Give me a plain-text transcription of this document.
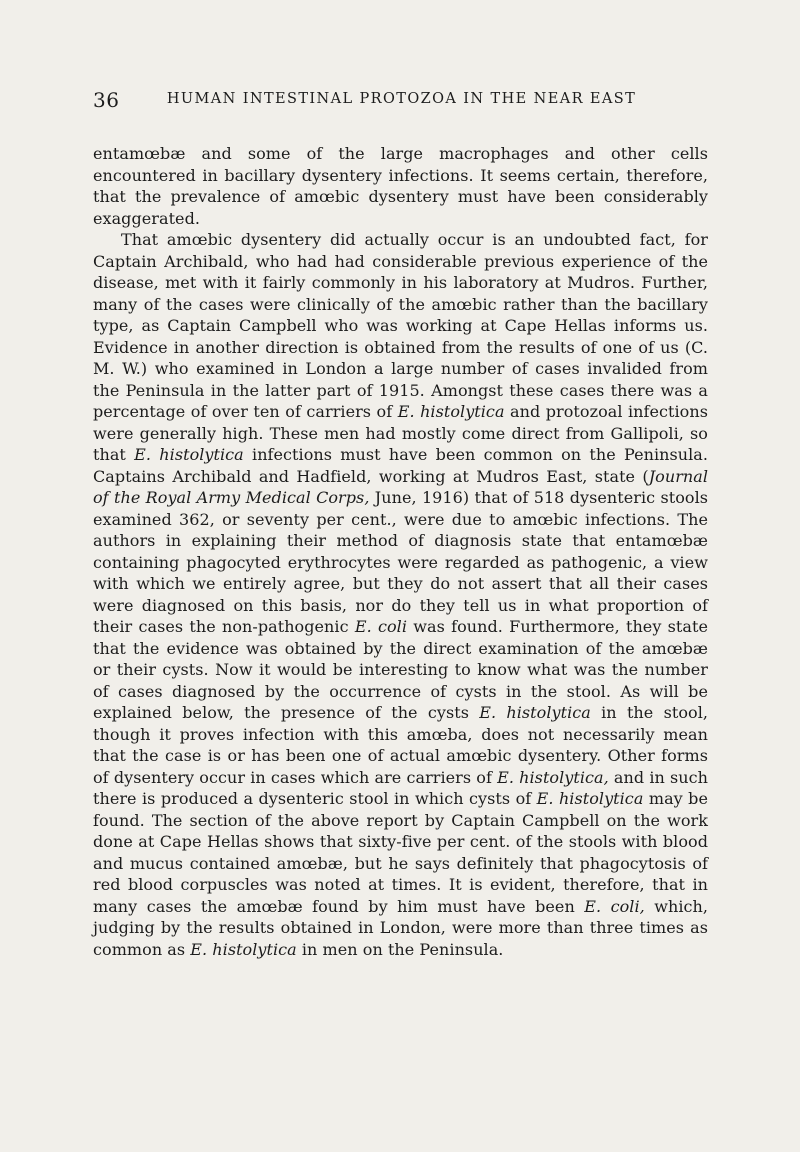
36	HUMAN INTESTINAL PROTOZOA IN THE NEAR EAST

entamœbæ and some of the large macrophages and other cells encountered in bacillary dysentery infections. It seems certain, therefore, that the prevalence of amœbic dysentery must have been considerably exaggerated.

That amœbic dysentery did actually occur is an undoubted fact, for Captain Archibald, who had had considerable previous experience of the disease, met with it fairly commonly in his laboratory at Mudros. Further, many of the cases were clinically of the amœbic rather than the bacillary type, as Captain Campbell who was working at Cape Hellas informs us. Evidence in another direction is obtained from the results of one of us (C. M. W.) who examined in London a large number of cases invalided from the Peninsula in the latter part of 1915. Amongst these cases there was a percentage of over ten of carriers of E. histolytica and protozoal infections were generally high. These men had mostly come direct from Gallipoli, so that E. histolytica infections must have been common on the Peninsula. Captains Archibald and Hadfield, working at Mudros East, state (Journal of the Royal Army Medical Corps, June, 1916) that of 518 dysenteric stools examined 362, or seventy per cent., were due to amœbic infections. The authors in explaining their method of diagnosis state that entamœbæ containing phagocyted erythrocytes were regarded as pathogenic, a view with which we entirely agree, but they do not assert that all their cases were diagnosed on this basis, nor do they tell us in what proportion of their cases the non-pathogenic E. coli was found. Furthermore, they state that the evidence was obtained by the direct examination of the amœbæ or their cysts. Now it would be interesting to know what was the number of cases diagnosed by the occurrence of cysts in the stool. As will be explained below, the presence of the cysts E. histolytica in the stool, though it proves infection with this amœba, does not necessarily mean that the case is or has been one of actual amœbic dysentery. Other forms of dysentery occur in cases which are carriers of E. histolytica, and in such there is produced a dysenteric stool in which cysts of E. histolytica may be found. The section of the above report by Captain Campbell on the work done at Cape Hellas shows that sixty-five per cent. of the stools with blood and mucus contained amœbæ, but he says definitely that phagocytosis of red blood corpuscles was noted at times. It is evident, therefore, that in many cases the amœbæ found by him must have been E. coli, which, judging by the results obtained in London, were more than three times as common as E. histolytica in men on the Peninsula.
